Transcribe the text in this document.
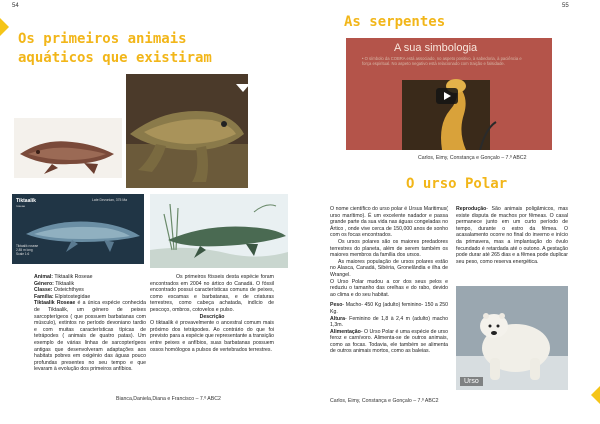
54
Os primeiros animais aquáticos que existiram
Tiktaalik
roseae
Late Devonian, 375 Ma
Tiktaalik roseae
2.85 m long
Scale 1:6
Animal: Tiktaalik Roseae
Género: Tiktaalik
Classe: Osteichthyes
Família: Elpistostegidae
Tiktaalik Roseae é a única espécie conhecida de Tiktaalik, um género de peixes sarcopterígeos ( que possuem barbatanas com músculo), extintos no período devoniano tardio e com muitas características típicas de tetrápodes ( animais de quatro patas). Um exemplo de várias linhas de sarcopterígeos antigas que desenvolveram adaptações aos habitats pobres em oxigénio das águas pouco profundas presentes no seu tempo e que levaram à evolução dos primeiros anfíbios.
Os primeiros fósseis desta espécie foram encontrados em 2004 no ártico do Canadá. O fóssil encontrado possui características comuns de peixes, como escamas e barbatanas, e de criaturas terrestres, como cabeça achatada, indício de pescoço, ombros, cotovelos e pulso.
Descrição
O tiktaalik é provavelmente o ancestral comum mais próximo dos tetrápodes. Ao contrário do que foi previsto para a espécie que representante a transição entre peixes e anfíbios, suas barbatanas possuem ossos homólogos a pulsos de vertebrados terrestres.
Bianca,Daniela,Diana e Francisco – 7.º ABC2
55
As serpentes
A sua simbologia
• O símbolo da COBRA está associado, no aspeto positivo, à sabedoria, à paciência e força espiritual. No aspeto negativo está relacionado com traição e falsidade.
Carlos, Eimy, Constança e Gonçalo – 7.º ABC2
O urso Polar
O nome científico do urso polar é Ursus Maritimus( urso marítimo). É um excelente nadador e passa grande parte da sua vida nas águas congeladas no Ártico , onde vive cerca de 150,000 anos de sonho com os focas encontrados.
Os ursos polares são os maiores predadores terrestres do planeta, além de serem também os maiores membros da família dos ursos.
As maiores população de ursos polares estão no Alasca, Canadá, Sibéria, Gronelândia e ilha de Wrangel.
O Urso Polar mudou a cor dos seus pelos e reduziu o tamanho das orelhas e do rabo, devido ao clima e do seu habitat.
Peso- Macho- 450 Kg (adulto) feminino- 150 a 250 Kg.
Altura- Feminino de 1,8 à 2,4 m (adulto) macho 1,3m.
Alimentação- O Urso Polar é uma espécie de urso feroz e carnívoro. Alimenta-se de outros animais, como as focas. Todavia, ele também se alimenta de outros animais mortos, como as baleias.
Reprodução- São animais poligâmicos, mas existe disputa de machos por fêmeas. O casal permanece junto em um curto período de tempo, durante o estro da fêmea. O acasalamento ocorre no final do inverno e início da primavera, mas a implantação do óvulo fecundado é retardada até o outono. A gestação pode durar até 265 dias e a fêmea pode duplicar seu peso, como reserva energética.
Urso
Carlos, Eimy, Constança e Gonçalo – 7.º ABC2
